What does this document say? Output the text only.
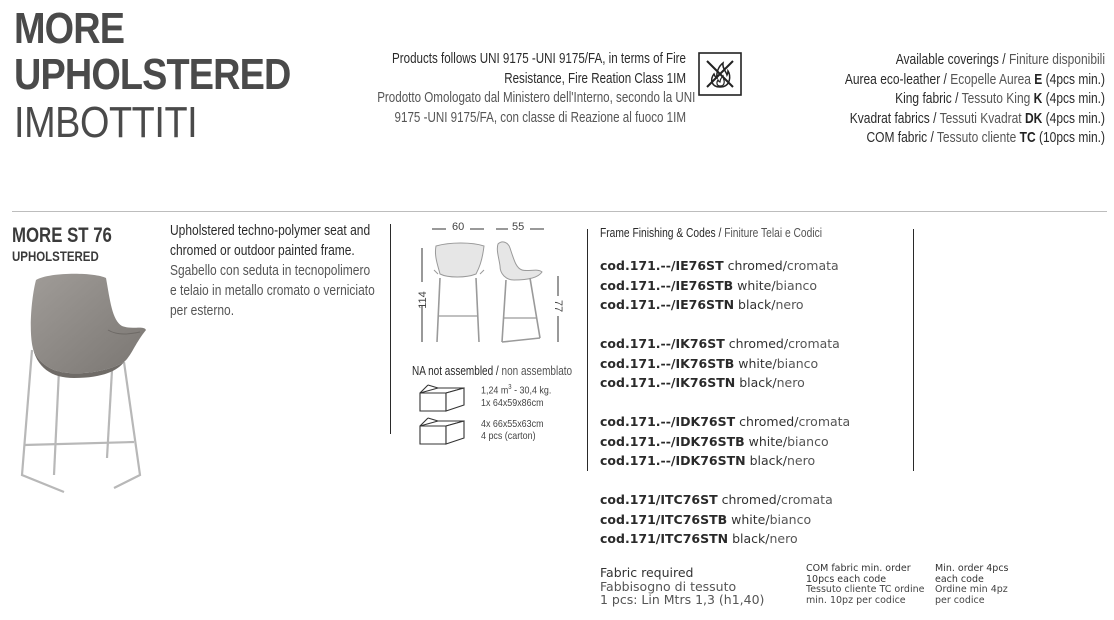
MORE
UPHOLSTERED
IMBOTTITI
Products follows UNI 9175 -UNI 9175/FA, in terms of Fire
Resistance, Fire Reation Class 1IM
Prodotto Omologato dal Ministero dell'Interno, secondo la UNI
9175 -UNI 9175/FA, con classe di Reazione al fuoco 1IM
Available coverings / Finiture disponibili
Aurea eco-leather / Ecopelle Aurea E (4pcs min.)
King fabric / Tessuto King K (4pcs min.)
Kvadrat fabrics / Tessuti Kvadrat DK (4pcs min.)
COM fabric / Tessuto cliente TC (10pcs min.)
MORE ST 76
UPHOLSTERED
Upholstered techno-polymer seat and
chromed or outdoor painted frame.
Sgabello con seduta in tecnopolimero
e telaio in metallo cromato o verniciato
per esterno.
60	55
114	77
NA not assembled / non assemblato
1,24 $m^3 - 30,4$ kg.
1x 64x59x86cm
4x 66x55x63cm
4 pcs (carton)
Frame Finishing & Codes / Finiture Telai e Codici
cod.171.--/IE76ST chromed/cromata
cod.171.--/IE76STB white/bianco
cod.171.--/IE76STN black/nero
cod.171.--/IK76ST chromed/cromata
cod.171.--/IK76STB white/bianco
cod.171.--/IK76STN black/nero
cod.171.--/IDK76ST chromed/cromata
cod.171.--/IDK76STB white/bianco
cod.171.--/IDK76STN black/nero
cod.171/ITC76ST chromed/cromata
cod.171/ITC76STB white/bianco
cod.171/ITC76STN black/nero
Fabric required
Fabbisogno di tessuto
1 pcs: Lin Mtrs 1,3 (h1,40)
COM fabric min. order
10pcs each code
Tessuto cliente TC ordine
min. 10pz per codice
Min. order 4pcs
each code
Ordine min 4pz
per codice
